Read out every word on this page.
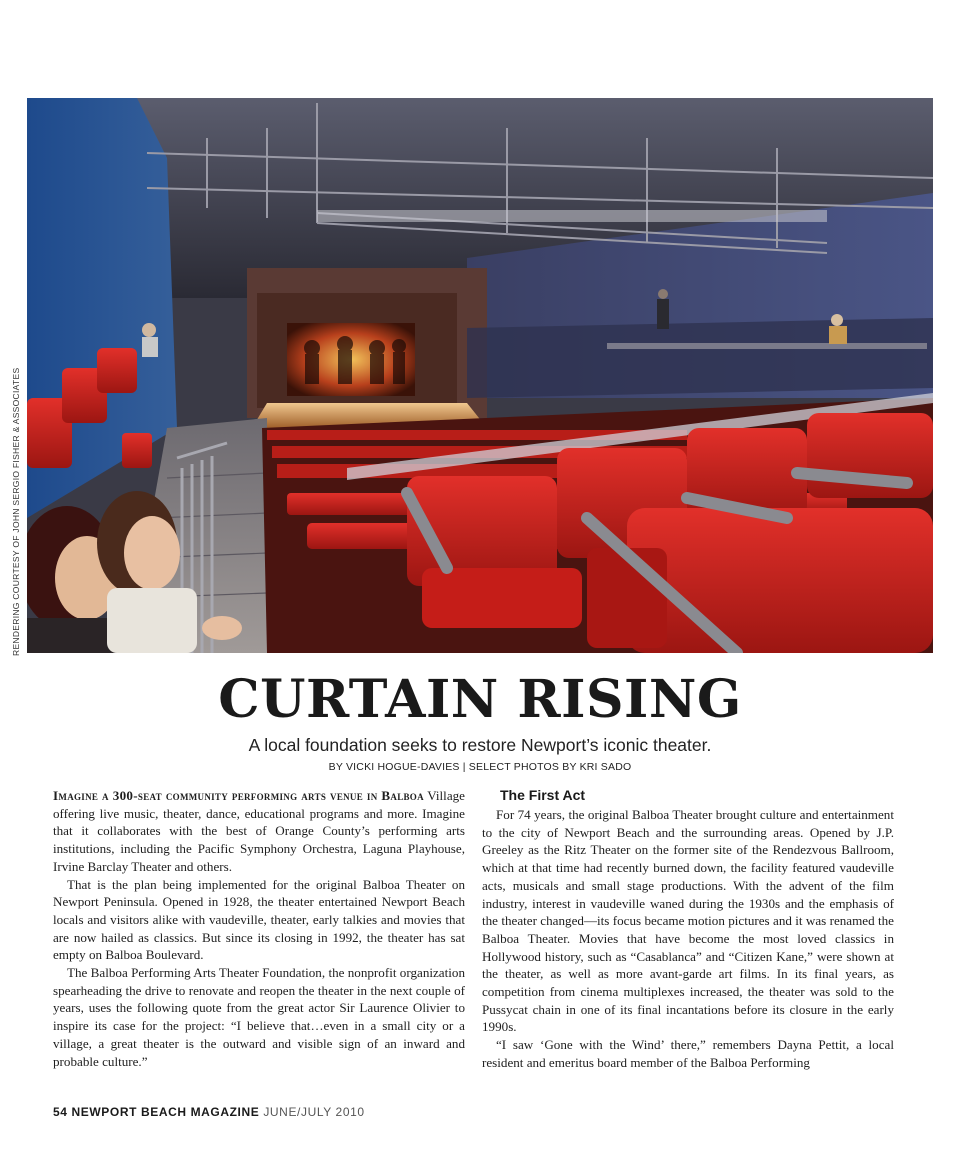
RENDERING COURTESY OF JOHN SERGIO FISHER & ASSOCIATES
CURTAIN RISING
A local foundation seeks to restore Newport’s iconic theater.
BY VICKI HOGUE-DAVIES | SELECT PHOTOS BY KRI SADO

Imagine a 300-seat community performing arts venue in Balboa Village offering live music, theater, dance, educational programs and more. Imagine that it collaborates with the best of Orange County’s performing arts institutions, including the Pacific Symphony Orchestra, Laguna Playhouse, Irvine Barclay Theater and others.

That is the plan being implemented for the original Balboa Theater on Newport Peninsula. Opened in 1928, the theater entertained Newport Beach locals and visitors alike with vaudeville, theater, early talkies and movies that are now hailed as classics. But since its closing in 1992, the theater has sat empty on Balboa Boulevard.

The Balboa Performing Arts Theater Foundation, the nonprofit organization spearheading the drive to renovate and reopen the theater in the next couple of years, uses the following quote from the great actor Sir Laurence Olivier to inspire its case for the project: “I believe that…even in a small city or a village, a great theater is the outward and visible sign of an inward and probable culture.”

The First Act

For 74 years, the original Balboa Theater brought culture and entertainment to the city of Newport Beach and the surrounding areas. Opened by J.P. Greeley as the Ritz Theater on the former site of the Rendezvous Ballroom, which at that time had recently burned down, the facility featured vaudeville acts, musicals and small stage productions. With the advent of the film industry, interest in vaudeville waned during the 1930s and the emphasis of the theater changed—its focus became motion pictures and it was renamed the Balboa Theater. Movies that have become the most loved classics in Hollywood history, such as “Casablanca” and “Citizen Kane,” were shown at the theater, as well as more avant-garde art films. In its final years, as competition from cinema multiplexes increased, the theater was sold to the Pussycat chain in one of its final incantations before its closure in the early 1990s.

“I saw ‘Gone with the Wind’ there,” remembers Dayna Pettit, a local resident and emeritus board member of the Balboa Performing

54 NEWPORT BEACH MAGAZINE JUNE/JULY 2010
